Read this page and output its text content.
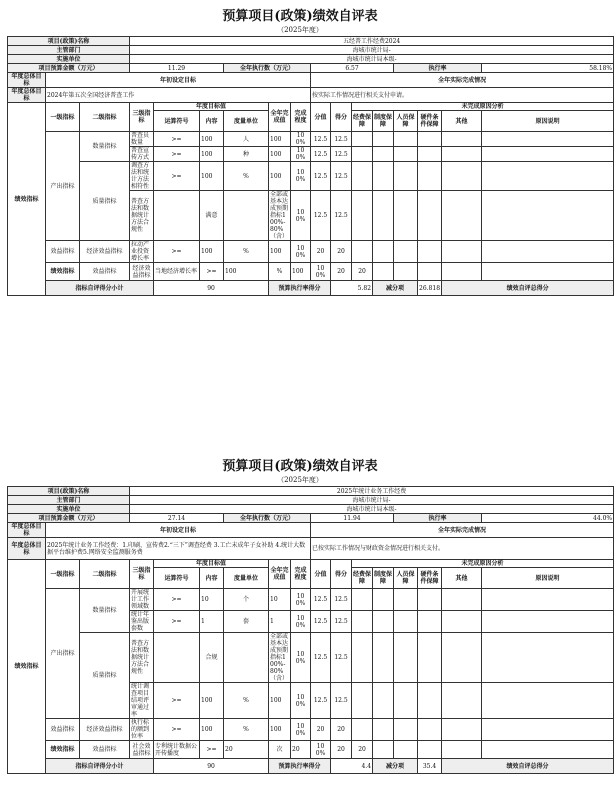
预算项目(政策)绩效自评表
（2025年度）
项目(政策)名称			五经普工作经费2024														
主管部门			海城市统计局-														
实施单位			海城市统计局本级-														
项目预算金额（万元）			11.29			全年执行数（万元）			6.57				执行率			58.18%	
年度总体目标	年初设定目标								全年实际完成情况								
年度总体目标	2024年第五次全国经济普查工作								按实际工作情况进行相关支付申请。								
绩效指标	一级指标	二级指标	三级指标	年度目标值			全年完成值	完成程度	分值	得分	未完成原因分析	
				运算符号	内容	度量单位					经费保障	制度保障	人员保障	硬件条件保障	其他	原因说明	

	产出指标	数量指标	普查员数量	>=	100	人	100	100%	12.5	12.5							
			普查宣传方式	>=	100	种	100	100%	12.5	12.5							
		质量指标	调查方法和统计方法相符性	>=	100	%	100	100%	12.5	12.5							
			普查方法和数据统计方法合规性		满意		全部或基本达成预期指标100%-80%（含）	100%	12.5	12.5							
	效益指标	经济效益指标	拉动产业投资增长率	>=	100	%	100	100%	20	20							
	绩效指标	效益指标	经济效益指标	当地经济增长率	>=	100	%	100	100%	20	20						
	指标自评得分小计			90			预算执行率得分			5.82		减分项		26.818	绩效自评总得分	
预算项目(政策)绩效自评表
（2025年度）
项目(政策)名称			2025年统计业务工作经费														
主管部门			海城市统计局-														
实施单位			海城市统计局本级-														
项目预算金额（万元）			27.14			全年执行数（万元）			11.94				执行率			44.0%	
年度总体目标	年初设定目标								全年实际完成情况								
年度总体目标	2025年统计业务工作经费：1.印刷、宣传费2.“三下”调查经费 3.工亡未成年子女补助 4.统计大数据平台维护费5.网络安全监测服务费								已按实际工作情况与财政资金情况进行相关支付。								
绩效指标	一级指标	二级指标	三级指标	年度目标值			全年完成值	完成程度	分值	得分	未完成原因分析	
				运算符号	内容	度量单位					经费保障	制度保障	人员保障	硬件条件保障	其他	原因说明	

	产出指标	数量指标	开展统计工作领域数	>=	10	个	10	100%	12.5	12.5							
			统计年鉴出版套数	>=	1	套	1	100%	12.5	12.5							
		质量指标	普查方法和数据统计方法合规性		合规		全部或基本达成预期指标100%-80%（含）	100%	12.5	12.5							
			统计调查项目结项评审通过率	>=	100	%	100	100%	12.5	12.5							
	效益指标	经济效益指标	执行标的额到位率	>=	100	%	100	100%	20	20							
	绩效指标	效益指标	社会效益指标	专利统计数据公开传播度	>=	20	次	20	100%	20	20						
	指标自评得分小计			90			预算执行率得分			4.4		减分项		35.4	绩效自评总得分	
